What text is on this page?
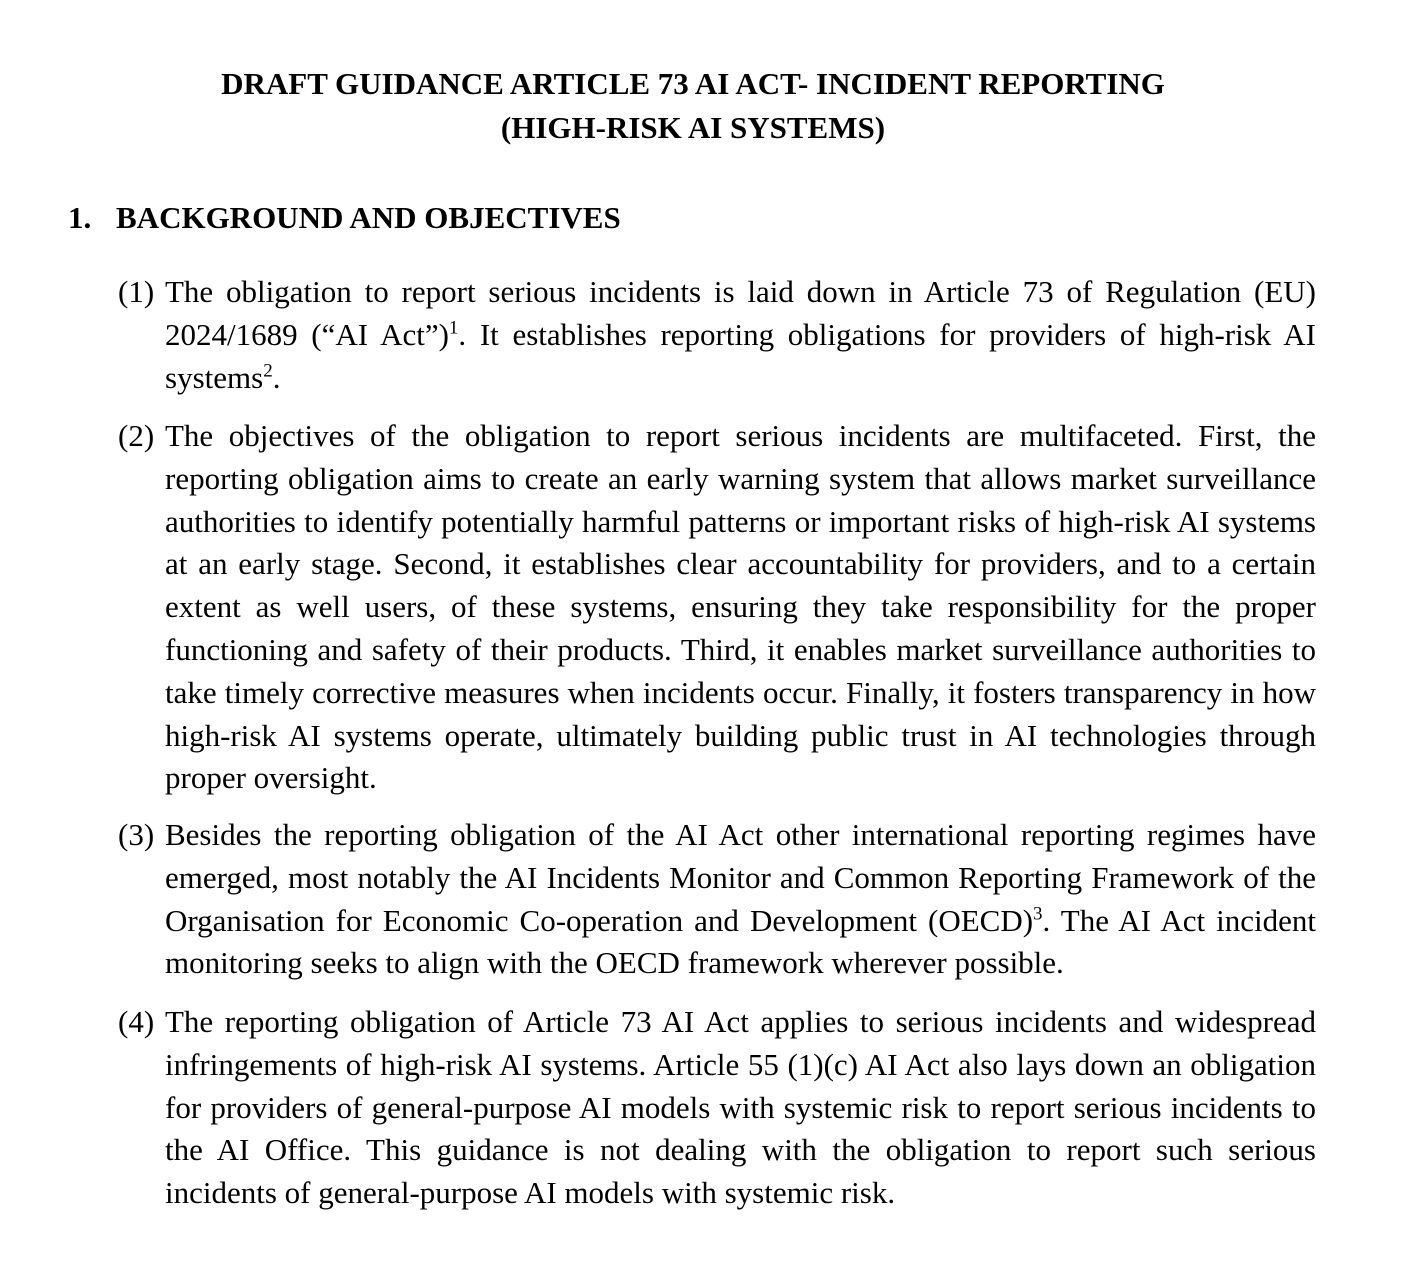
DRAFT GUIDANCE ARTICLE 73 AI ACT- INCIDENT REPORTING
(HIGH-RISK AI SYSTEMS)
1. BACKGROUND AND OBJECTIVES
(1) The obligation to report serious incidents is laid down in Article 73 of Regulation (EU) 2024/1689 (“AI Act”)$^1$. It establishes reporting obligations for providers of high-risk AI systems$^2$.
(2) The objectives of the obligation to report serious incidents are multifaceted. First, the reporting obligation aims to create an early warning system that allows market surveillance authorities to identify potentially harmful patterns or important risks of high-risk AI systems at an early stage. Second, it establishes clear accountability for providers, and to a certain extent as well users, of these systems, ensuring they take responsibility for the proper functioning and safety of their products. Third, it enables market surveillance authorities to take timely corrective measures when incidents occur. Finally, it fosters transparency in how high-risk AI systems operate, ultimately building public trust in AI technologies through proper oversight.
(3) Besides the reporting obligation of the AI Act other international reporting regimes have emerged, most notably the AI Incidents Monitor and Common Reporting Framework of the Organisation for Economic Co-operation and Development (OECD)$^3$. The AI Act incident monitoring seeks to align with the OECD framework wherever possible.
(4) The reporting obligation of Article 73 AI Act applies to serious incidents and widespread infringements of high-risk AI systems. Article 55 (1)(c) AI Act also lays down an obligation for providers of general-purpose AI models with systemic risk to report serious incidents to the AI Office. This guidance is not dealing with the obligation to report such serious incidents of general-purpose AI models with systemic risk.
